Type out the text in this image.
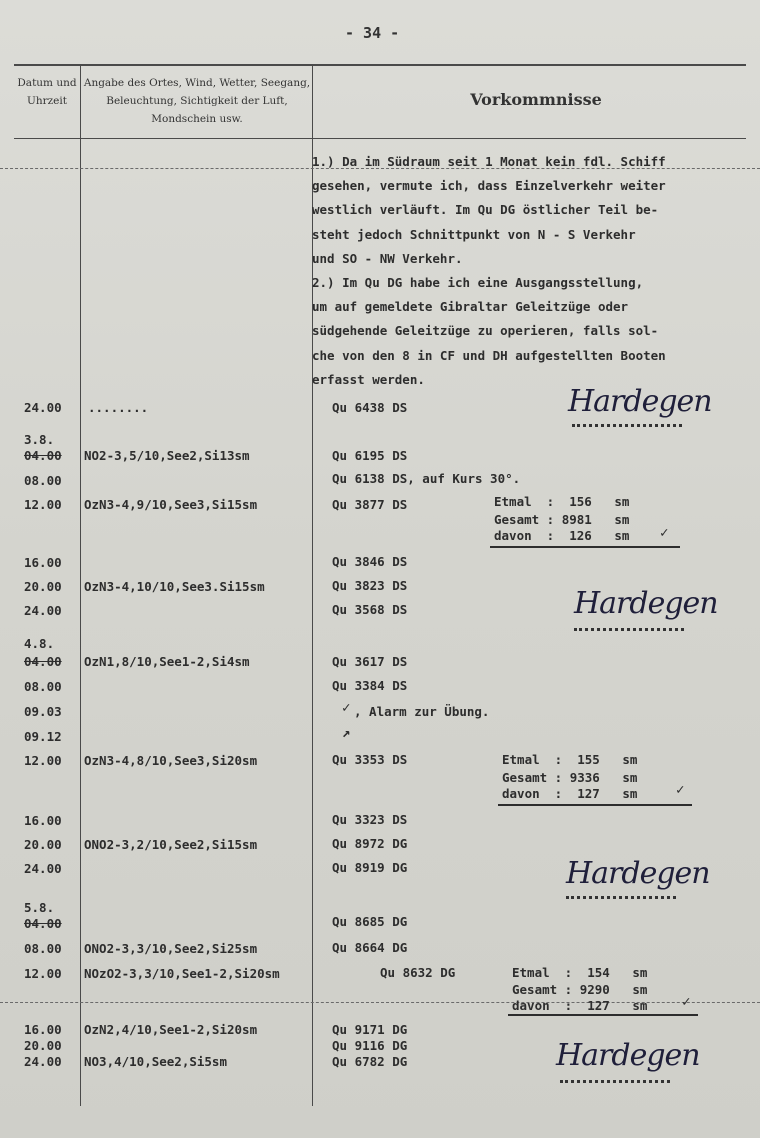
- 34 -
Datum und Uhrzeit
Angabe des Ortes, Wind, Wetter, Seegang, Beleuchtung, Sichtigkeit der Luft, Mondschein usw.
Vorkommnisse
1.) Da im Südraum seit 1 Monat kein fdl. Schiff
gesehen, vermute ich, dass Einzelverkehr weiter
westlich verläuft. Im Qu DG östlicher Teil be-
steht jedoch Schnittpunkt von N - S Verkehr
und SO - NW Verkehr.
2.) Im Qu DG habe ich eine Ausgangsstellung,
um auf gemeldete Gibraltar Geleitzüge oder
südgehende Geleitzüge zu operieren, falls sol-
che von den 8 in CF und DH aufgestellten Booten
erfasst werden.
24.00 ........	Qu 6438 DS
3.8.
04.00 NO2-3,5/10,See2,Si13sm	Qu 6195 DS
08.00	Qu 6138 DS, auf Kurs 30°.
12.00 OzN3-4,9/10,See3,Si15sm	Qu 3877 DS	Etmal  :  156   sm
Gesamt : 8981   sm
davon  :  126   sm ✓
16.00	Qu 3846 DS
20.00 OzN3-4,10/10,See3.Si15sm	Qu 3823 DS
24.00	Qu 3568 DS
4.8.
04.00 OzN1,8/10,See1-2,Si4sm	Qu 3617 DS
08.00	Qu 3384 DS
09.03	✓ , Alarm zur Übung.
09.12	↗
12.00 OzN3-4,8/10,See3,Si20sm	Qu 3353 DS	Etmal  :  155   sm
Gesamt : 9336   sm
davon  :  127   sm	✓
16.00	Qu 3323 DS
20.00 ONO2-3,2/10,See2,Si15sm	Qu 8972 DG
24.00	Qu 8919 DG
5.8.
04.00	Qu 8685 DG
08.00 ONO2-3,3/10,See2,Si25sm	Qu 8664 DG
12.00 NOzO2-3,3/10,See1-2,Si20sm	Qu 8632 DG	Etmal  :  154   sm
Gesamt : 9290   sm
davon  :  127   sm ✓
16.00 OzN2,4/10,See1-2,Si20sm	Qu 9171 DG
20.00	Qu 9116 DG
24.00 NO3,4/10,See2,Si5sm	Qu 6782 DG
Hardegen
Hardegen
Hardegen
Hardegen
